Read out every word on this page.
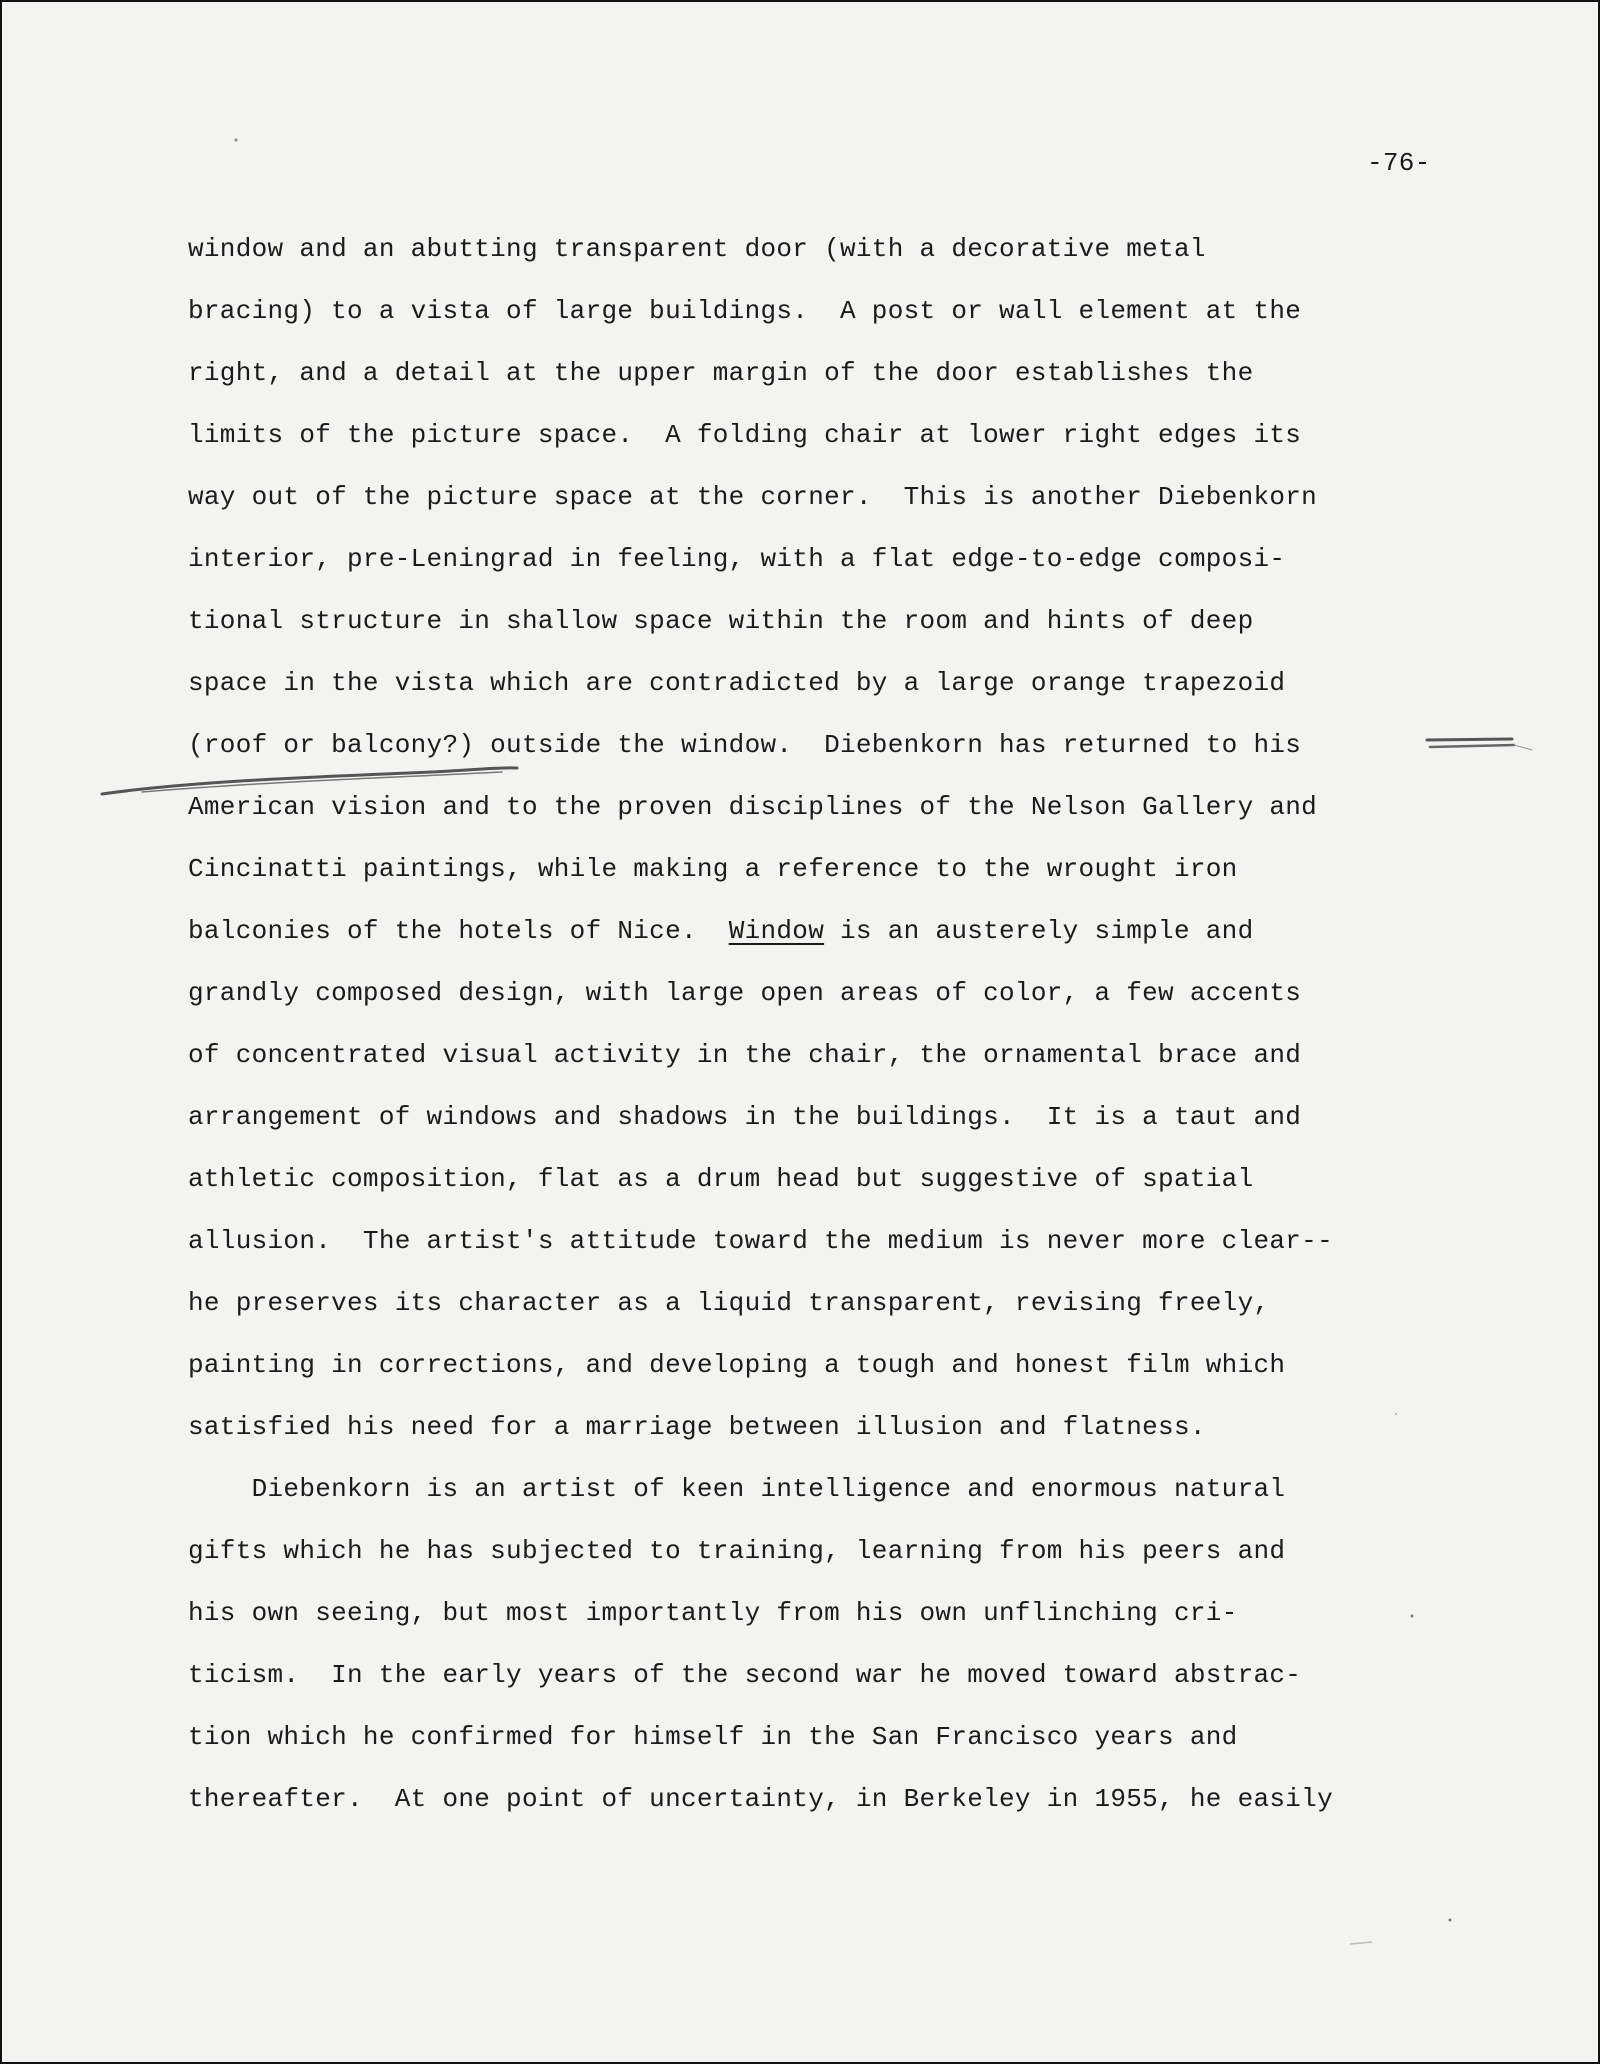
-76-
window and an abutting transparent door (with a decorative metal
bracing) to a vista of large buildings.  A post or wall element at the
right, and a detail at the upper margin of the door establishes the
limits of the picture space.  A folding chair at lower right edges its
way out of the picture space at the corner.  This is another Diebenkorn
interior, pre-Leningrad in feeling, with a flat edge-to-edge composi-
tional structure in shallow space within the room and hints of deep
space in the vista which are contradicted by a large orange trapezoid
(roof or balcony?) outside the window.  Diebenkorn has returned to his
American vision and to the proven disciplines of the Nelson Gallery and
Cincinatti paintings, while making a reference to the wrought iron
balconies of the hotels of Nice.  Window is an austerely simple and
grandly composed design, with large open areas of color, a few accents
of concentrated visual activity in the chair, the ornamental brace and
arrangement of windows and shadows in the buildings.  It is a taut and
athletic composition, flat as a drum head but suggestive of spatial
allusion.  The artist's attitude toward the medium is never more clear--
he preserves its character as a liquid transparent, revising freely,
painting in corrections, and developing a tough and honest film which
satisfied his need for a marriage between illusion and flatness.
Diebenkorn is an artist of keen intelligence and enormous natural
gifts which he has subjected to training, learning from his peers and
his own seeing, but most importantly from his own unflinching cri-
ticism.  In the early years of the second war he moved toward abstrac-
tion which he confirmed for himself in the San Francisco years and
thereafter.  At one point of uncertainty, in Berkeley in 1955, he easily
